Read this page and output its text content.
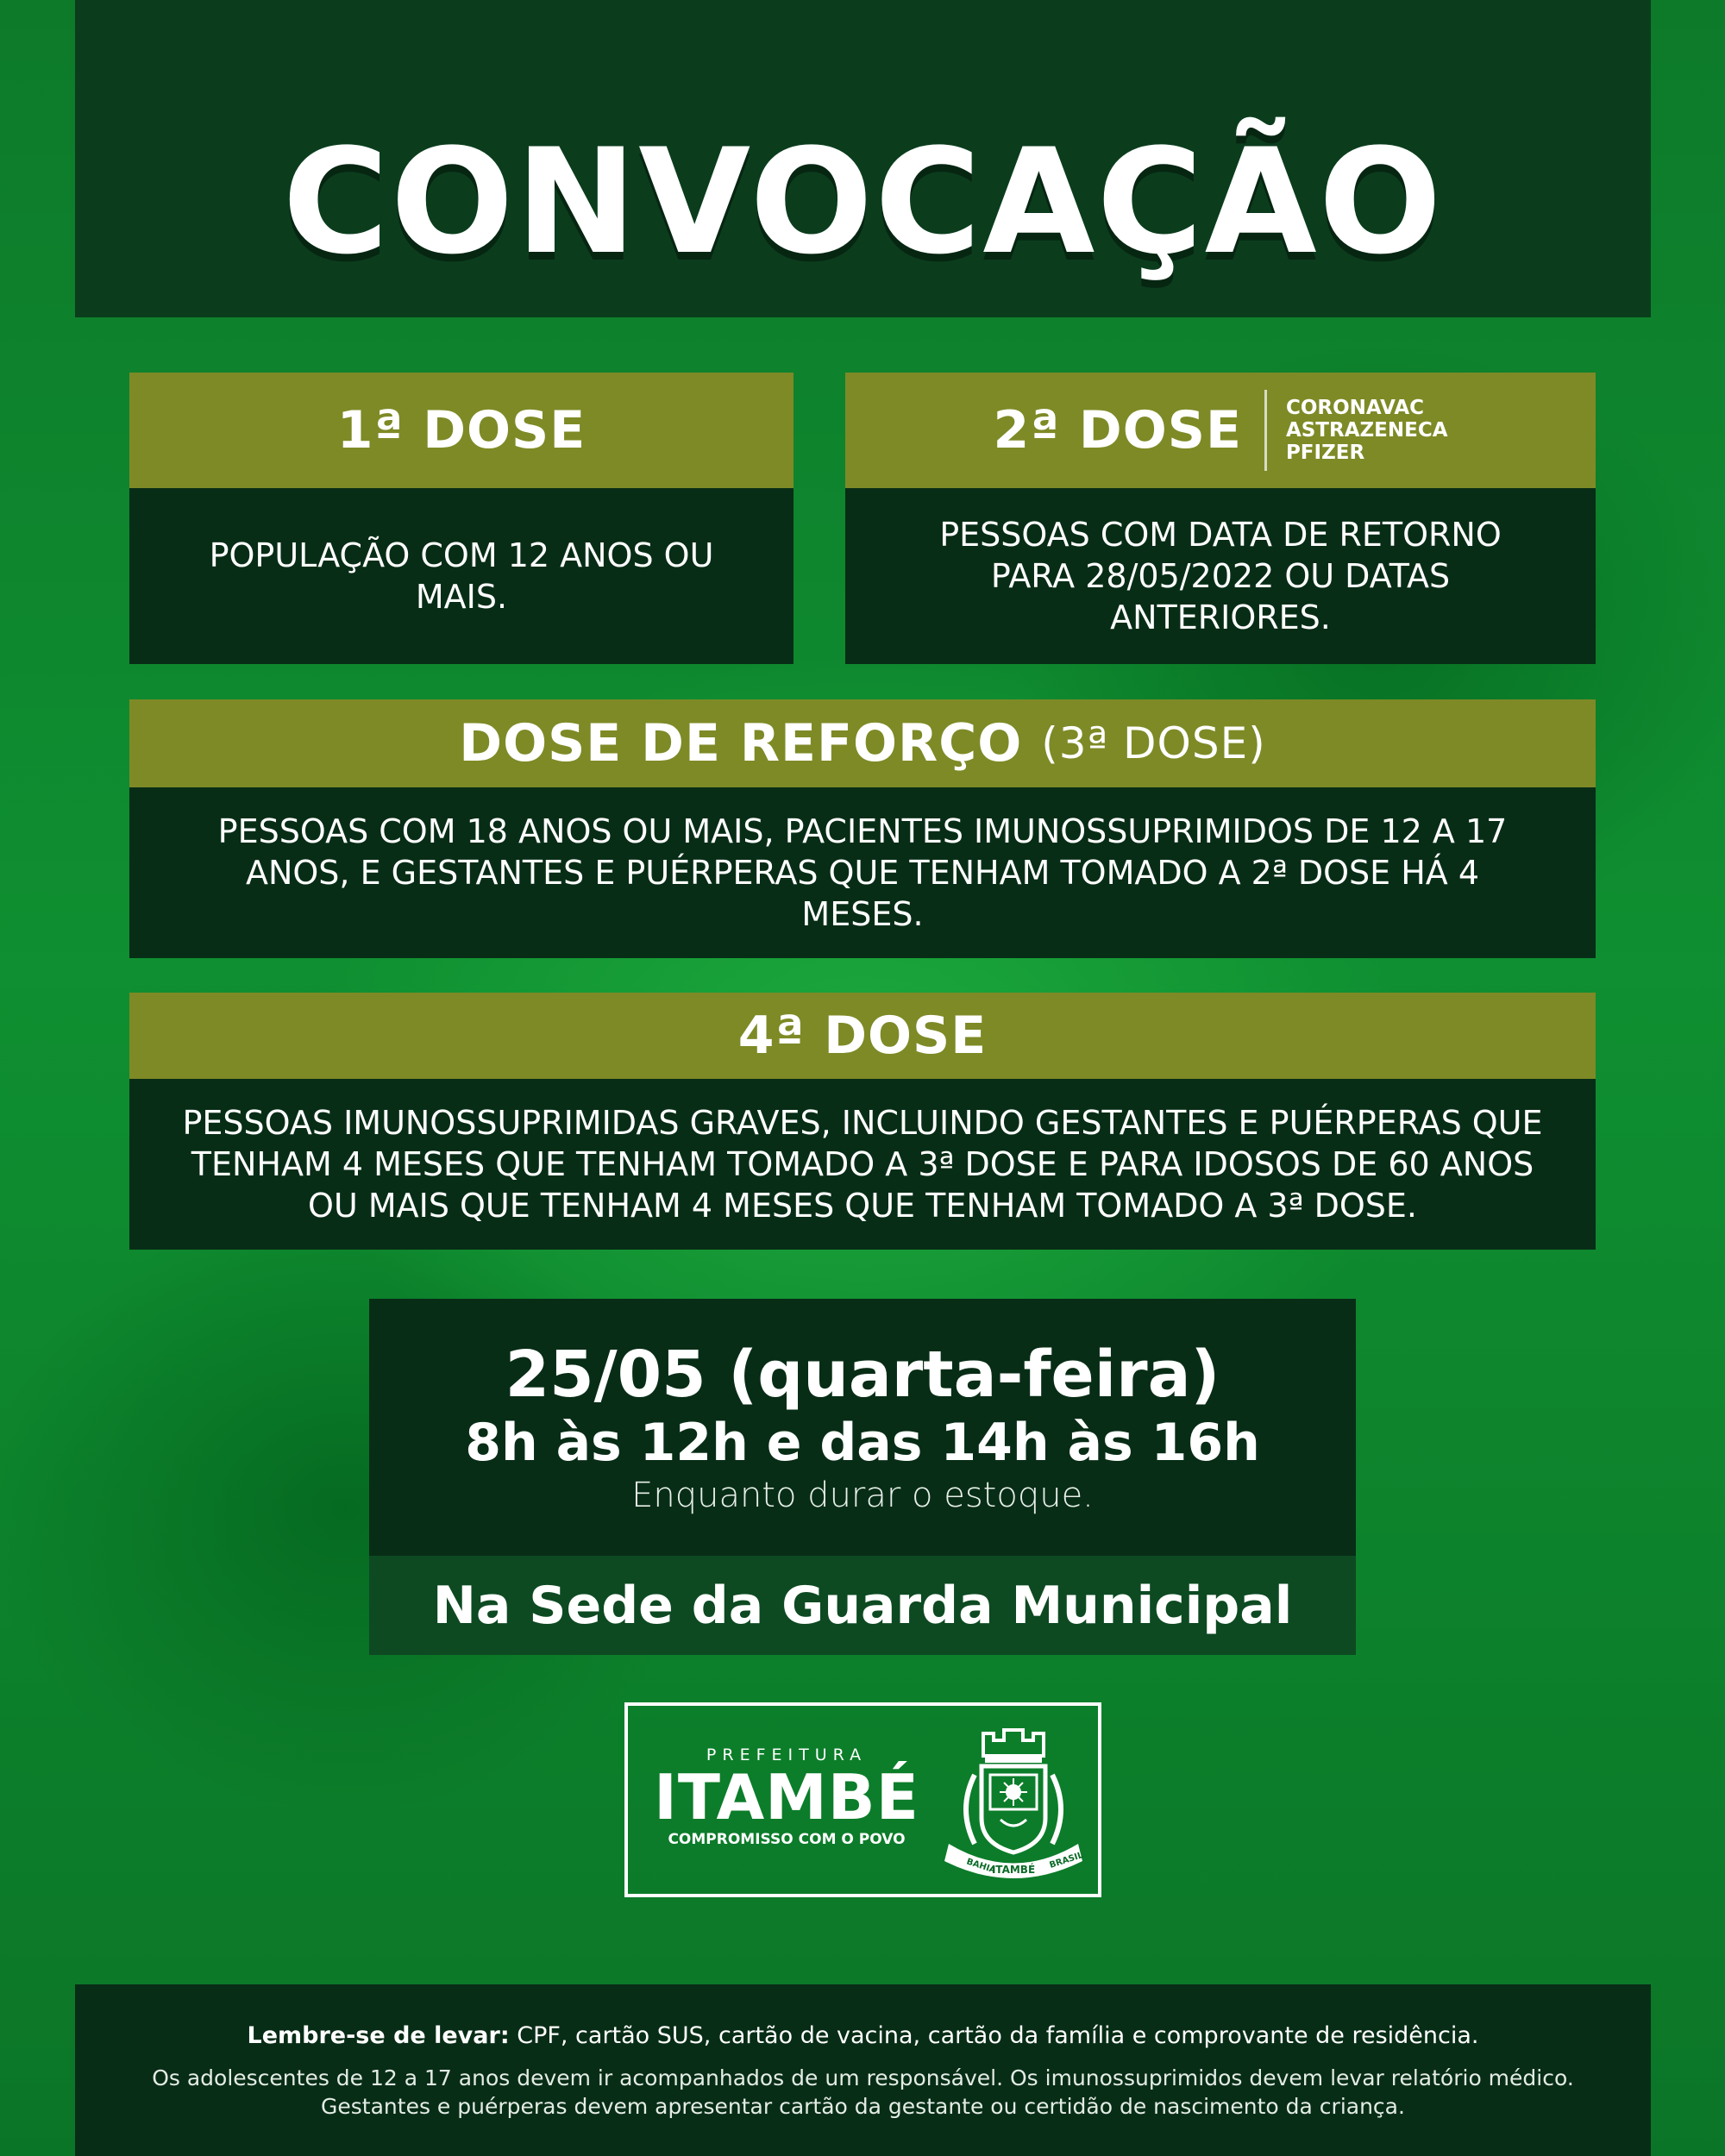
CONVOCAÇÃO
1ª DOSE
POPULAÇÃO COM 12 ANOS OU MAIS.
2ª DOSE CORONAVAC
ASTRAZENECA
PFIZER
PESSOAS COM DATA DE RETORNO PARA 28/05/2022 OU DATAS ANTERIORES.
DOSE DE REFORÇO (3ª DOSE)
PESSOAS COM 18 ANOS OU MAIS, PACIENTES IMUNOSSUPRIMIDOS DE 12 A 17 ANOS, E GESTANTES E PUÉRPERAS QUE TENHAM TOMADO A 2ª DOSE HÁ 4 MESES.
4ª DOSE
PESSOAS IMUNOSSUPRIMIDAS GRAVES, INCLUINDO GESTANTES E PUÉRPERAS QUE TENHAM 4 MESES QUE TENHAM TOMADO A 3ª DOSE E PARA IDOSOS DE 60 ANOS OU MAIS QUE TENHAM 4 MESES QUE TENHAM TOMADO A 3ª DOSE.
25/05 (quarta-feira)
8h às 12h e das 14h às 16h
Enquanto durar o estoque.
Na Sede da Guarda Municipal
PREFEITURA
ITAMBÉ
COMPROMISSO COM O POVO
BAHIA
ITAMBÉ BRASIL
Lembre-se de levar: CPF, cartão SUS, cartão de vacina, cartão da família e comprovante de residência.
Os adolescentes de 12 a 17 anos devem ir acompanhados de um responsável. Os imunossuprimidos devem levar relatório médico. Gestantes e puérperas devem apresentar cartão da gestante ou certidão de nascimento da criança.
